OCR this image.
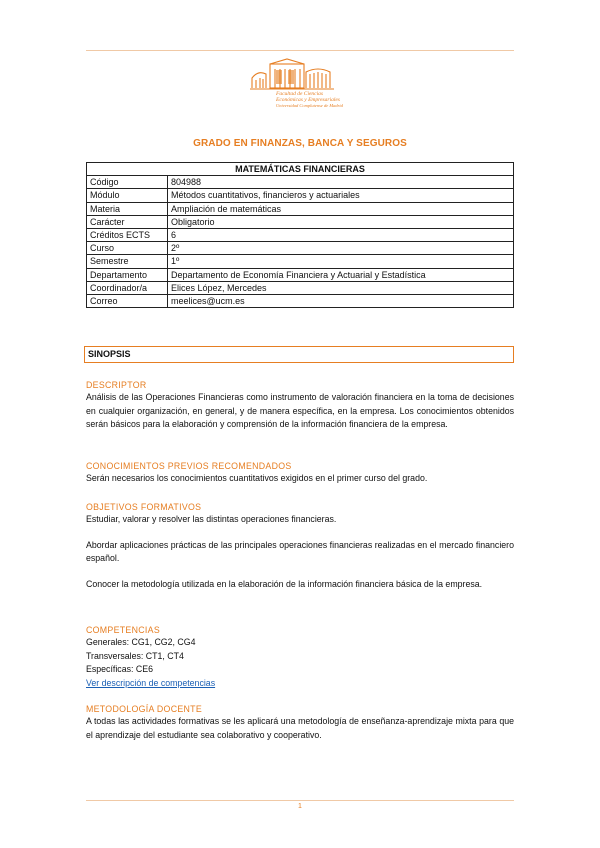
Facultad de Ciencias
Económicas y Empresariales
Universidad Complutense de Madrid
GRADO EN FINANZAS, BANCA Y SEGUROS
MATEMÁTICAS FINANCIERAS	
Código	804988
Módulo	Métodos cuantitativos, financieros y actuariales
Materia	Ampliación de matemáticas
Carácter	Obligatorio
Créditos ECTS	6
Curso	2º
Semestre	1º
Departamento	Departamento de Economía Financiera y Actuarial y Estadística
Coordinador/a	Elices López, Mercedes
Correo	meelices@ucm.es
SINOPSIS
DESCRIPTOR

Análisis de las Operaciones Financieras como instrumento de valoración financiera en la toma de decisiones en cualquier organización, en general, y de manera específica, en la empresa. Los conocimientos obtenidos serán básicos para la elaboración y comprensión de la información financiera de la empresa.

CONOCIMIENTOS PREVIOS RECOMENDADOS

Serán necesarios los conocimientos cuantitativos exigidos en el primer curso del grado.

OBJETIVOS FORMATIVOS

Estudiar, valorar y resolver las distintas operaciones financieras.

Abordar aplicaciones prácticas de las principales operaciones financieras realizadas en el mercado financiero español.

Conocer la metodología utilizada en la elaboración de la información financiera básica de la empresa.

COMPETENCIAS

Generales: CG1, CG2, CG4

Transversales: CT1, CT4

Específicas: CE6

Ver descripción de competencias

METODOLOGÍA DOCENTE

A todas las actividades formativas se les aplicará una metodología de enseñanza-aprendizaje mixta para que el aprendizaje del estudiante sea colaborativo y cooperativo.

1
